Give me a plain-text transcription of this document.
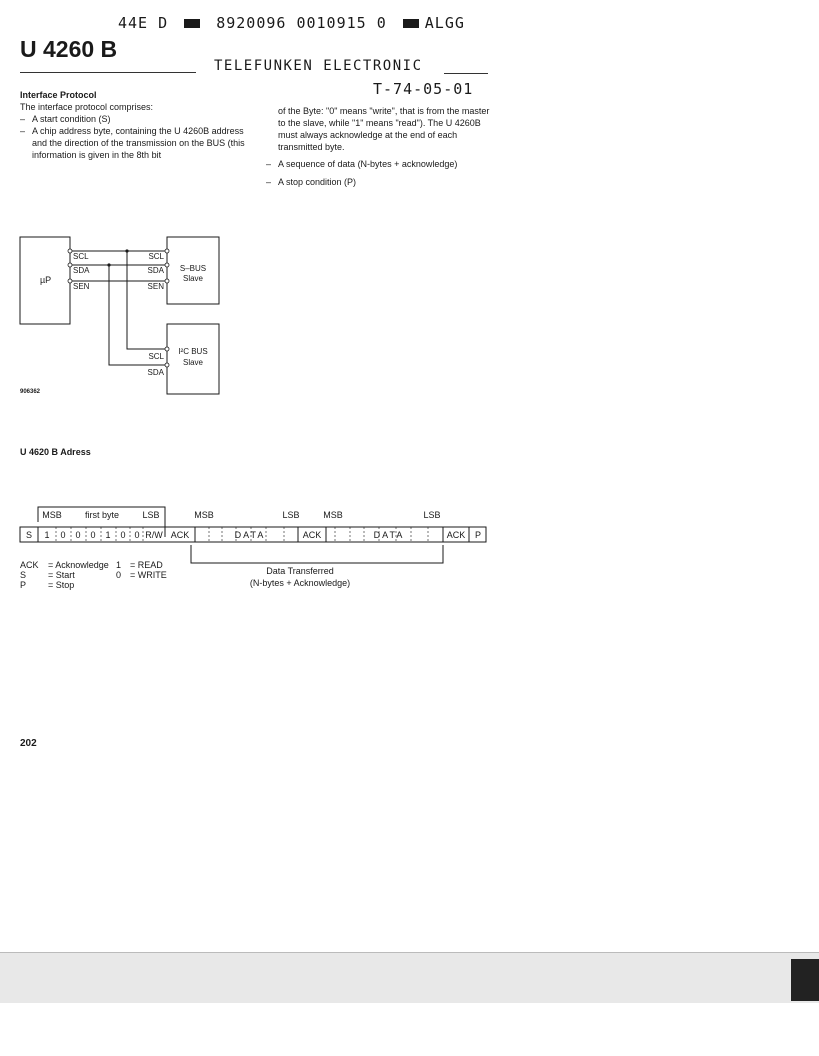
44E D	8920096 0010915 0	ALGG
U 4260 B
TELEFUNKEN ELECTRONIC
T-74-05-01
Interface Protocol

The interface protocol comprises:

– A start condition (S)

– A chip address byte, containing the U 4260B address and the direction of the transmission on the BUS (this information is given in the 8th bit

of the Byte: "0" means "write", that is from the master to the slave, while "1" means "read"). The U 4260B must always acknowledge at the end of each transmitted byte.

– A sequence of data (N-bytes + acknowledge)

– A stop condition (P)

µP
SCL
SDA
SEN
SCL
SDA
SEN
S–BUS
Slave
SCL
SDA
I²C BUS
Slave
906362
U 4620 B Adress
MSB	first byte	LSB	MSB	LSB	MSB	LSB
S 1 0 0 0 1 0 0 R/W ACK	DATA	ACK	DATA	ACK P
Data Transferred
(N-bytes + Acknowledge)
ACK	= Acknowledge 1 = READ
S	= Start	0 = WRITE
P	= Stop
202
